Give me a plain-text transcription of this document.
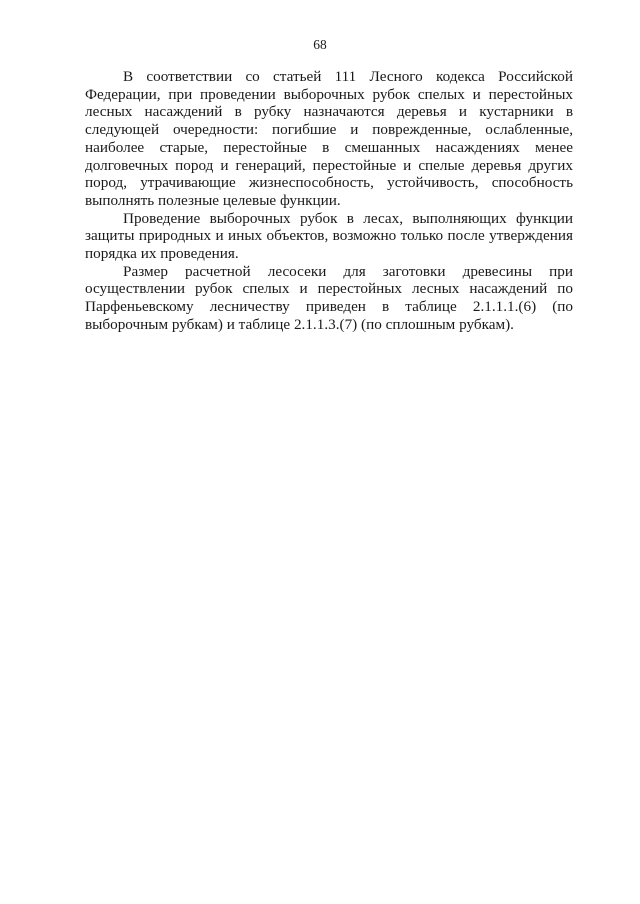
68

В соответствии со статьей 111 Лесного кодекса Российской Федерации, при проведении выборочных рубок спелых и перестойных лесных насаждений в рубку назначаются деревья и кустарники в следующей очередности: погибшие и поврежденные, ослабленные, наиболее старые, перестойные в смешанных насаждениях менее долговечных пород и генераций, перестойные и спелые деревья других пород, утрачивающие жизнеспособность, устойчивость, способность выполнять полезные целевые функции.

Проведение выборочных рубок в лесах, выполняющих функции защиты природных и иных объектов, возможно только после утверждения порядка их проведения.

Размер расчетной лесосеки для заготовки древесины при осуществлении рубок спелых и перестойных лесных насаждений по Парфеньевскому лесничеству приведен в таблице 2.1.1.1.(6) (по выборочным рубкам) и таблице 2.1.1.3.(7) (по сплошным рубкам).
